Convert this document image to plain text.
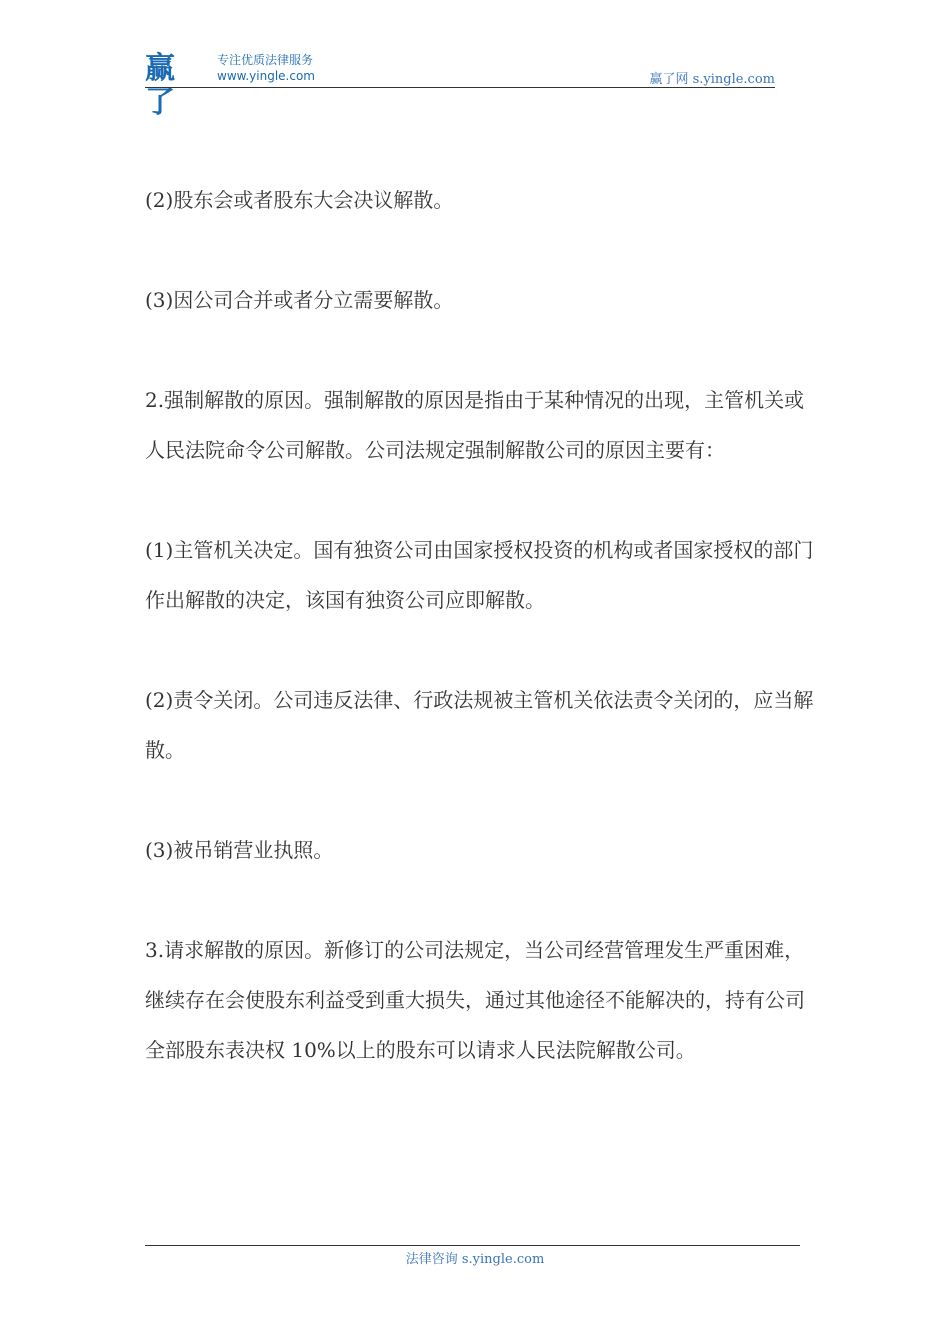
赢了
专注优质法律服务
www.yingle.com	赢了网 s.yingle.com

(2)股东会或者股东大会决议解散。

(3)因公司合并或者分立需要解散。

2.强制解散的原因。强制解散的原因是指由于某种情况的出现，主管机关或人民法院命令公司解散。公司法规定强制解散公司的原因主要有：

(1)主管机关决定。国有独资公司由国家授权投资的机构或者国家授权的部门作出解散的决定，该国有独资公司应即解散。

(2)责令关闭。公司违反法律、行政法规被主管机关依法责令关闭的，应当解散。

(3)被吊销营业执照。

3.请求解散的原因。新修订的公司法规定，当公司经营管理发生严重困难，继续存在会使股东利益受到重大损失，通过其他途径不能解决的，持有公司全部股东表决权 10%以上的股东可以请求人民法院解散公司。

法律咨询 s.yingle.com
